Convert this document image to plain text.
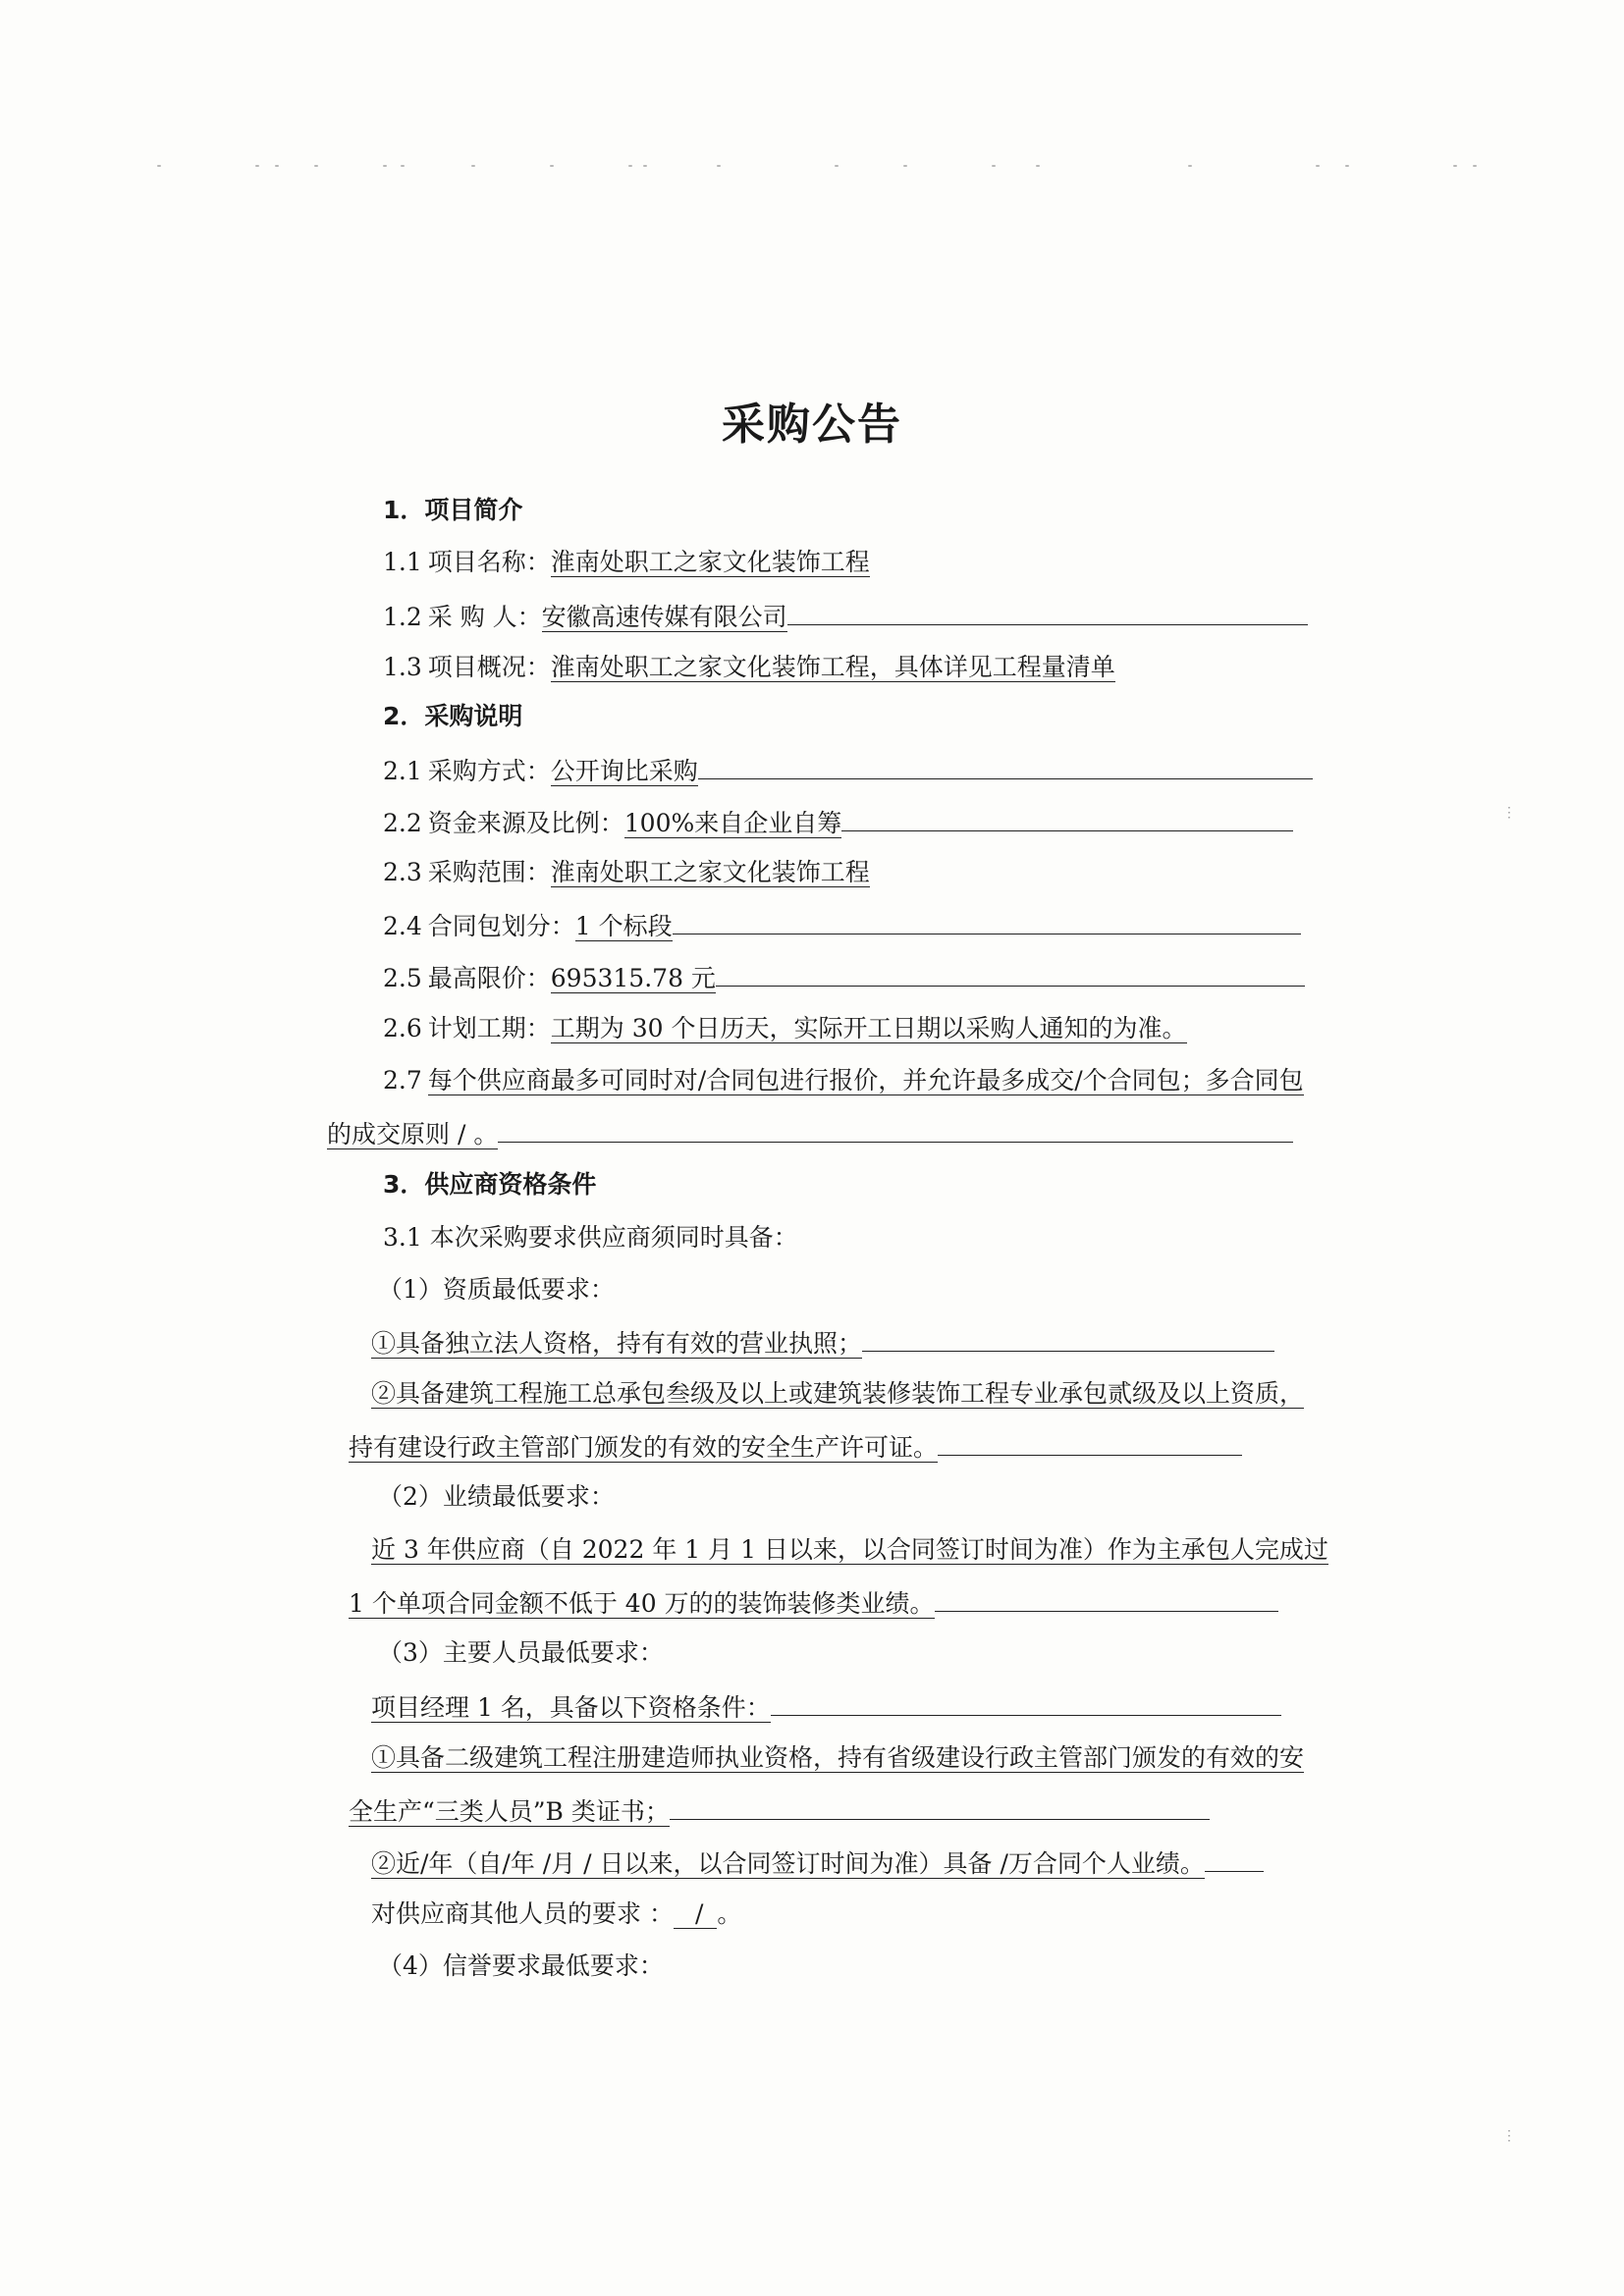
采购公告
1．项目简介
1.1 项目名称：淮南处职工之家文化装饰工程
1.2 采 购 人：安徽高速传媒有限公司
1.3 项目概况：淮南处职工之家文化装饰工程，具体详见工程量清单
2．采购说明
2.1 采购方式：公开询比采购
2.2 资金来源及比例：100%来自企业自筹
2.3 采购范围：淮南处职工之家文化装饰工程
2.4 合同包划分：1 个标段
2.5 最高限价：695315.78 元
2.6 计划工期：工期为 30 个日历天，实际开工日期以采购人通知的为准。
2.7 每个供应商最多可同时对/合同包进行报价，并允许最多成交/个合同包；多合同包
的成交原则 / 。
3．供应商资格条件
3.1 本次采购要求供应商须同时具备：
（1）资质最低要求：
①具备独立法人资格，持有有效的营业执照；
②具备建筑工程施工总承包叁级及以上或建筑装修装饰工程专业承包贰级及以上资质，
持有建设行政主管部门颁发的有效的安全生产许可证。
（2）业绩最低要求：
近 3 年供应商（自 2022 年 1 月 1 日以来，以合同签订时间为准）作为主承包人完成过
1 个单项合同金额不低于 40 万的的装饰装修类业绩。
（3）主要人员最低要求：
项目经理 1 名，具备以下资格条件：
①具备二级建筑工程注册建造师执业资格，持有省级建设行政主管部门颁发的有效的安
全生产“三类人员”B 类证书；
②近/年（自/年 /月 / 日以来，以合同签订时间为准）具备 /万合同个人业绩。
对供应商其他人员的要求 ： / 。
（4）信誉要求最低要求：
⋮
⋮
